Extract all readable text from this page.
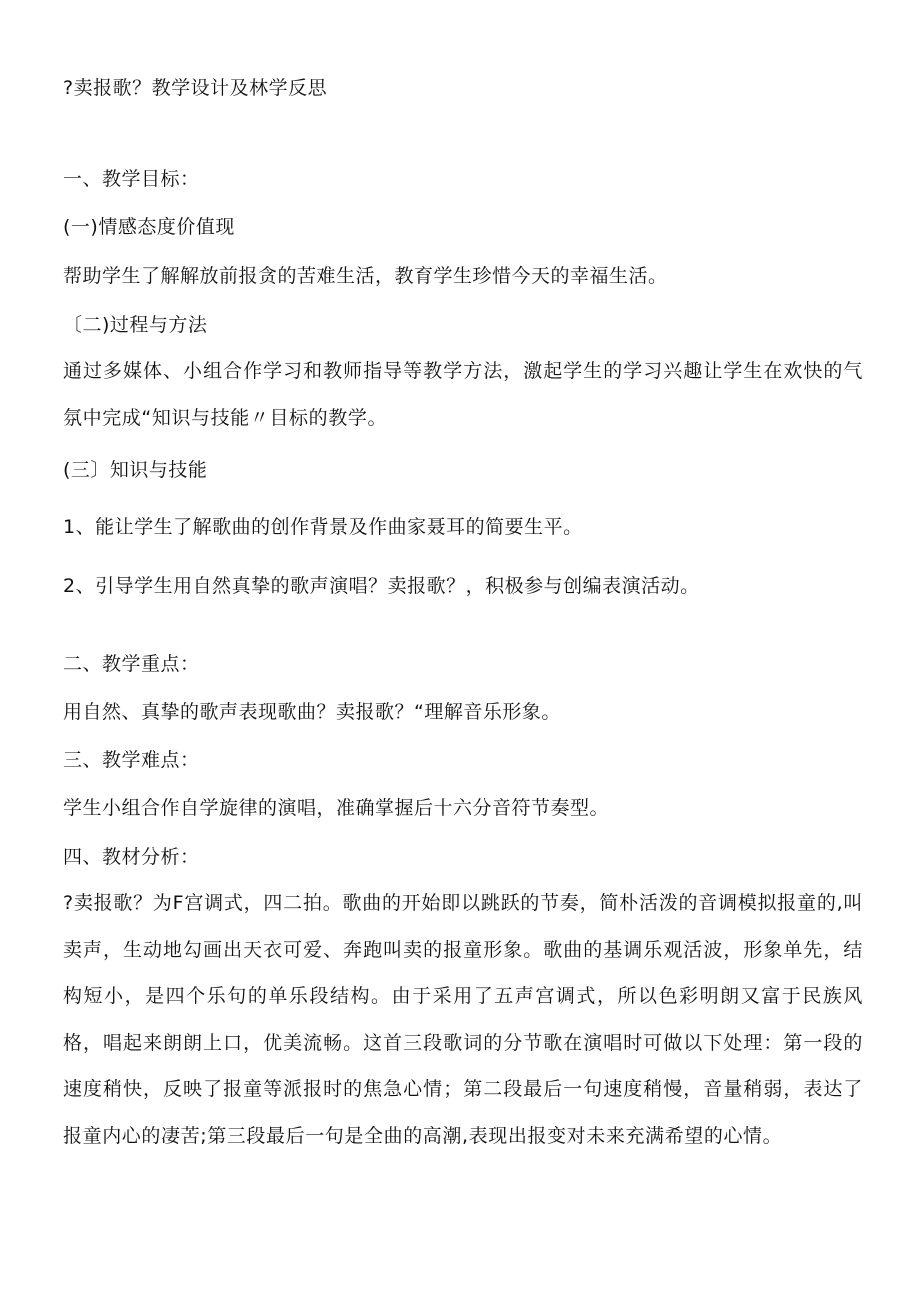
?卖报歌？教学设计及林学反思
一、教学目标：
(一)情感态度价值现
帮助学生了解解放前报贪的苦难生活，教育学生珍惜今天的幸福生活。
〔二)过程与方法
通过多媒体、小组合作学习和教师指导等教学方法，激起学生的学习兴趣让学生在欢快的气氛中完成“知识与技能〃目标的教学。
(三〕知识与技能
1、能让学生了解歌曲的创作背景及作曲家聂耳的简要生平。
2、引导学生用自然真挚的歌声演唱？卖报歌？，积极参与创编表演活动。
二、教学重点：
用自然、真挚的歌声表现歌曲？卖报歌？“理解音乐形象。
三、教学难点：
学生小组合作自学旋律的演唱，准确掌握后十六分音符节奏型。
四、教材分析：
?卖报歌？为F宫调式，四二拍。歌曲的开始即以跳跃的节奏，简朴活泼的音调模拟报童的,叫卖声，生动地勾画出天衣可爱、奔跑叫卖的报童形象。歌曲的基调乐观活波，形象单先，结构短小，是四个乐句的单乐段结构。由于采用了五声宫调式，所以色彩明朗又富于民族风格，唱起来朗朗上口，优美流畅。这首三段歌词的分节歌在演唱时可做以下处理：第一段的速度稍快，反映了报童等派报时的焦急心情；第二段最后一句速度稍慢，音量稍弱，表达了报童内心的凄苦;第三段最后一句是全曲的高潮,表现出报变对未来充满希望的心情。
